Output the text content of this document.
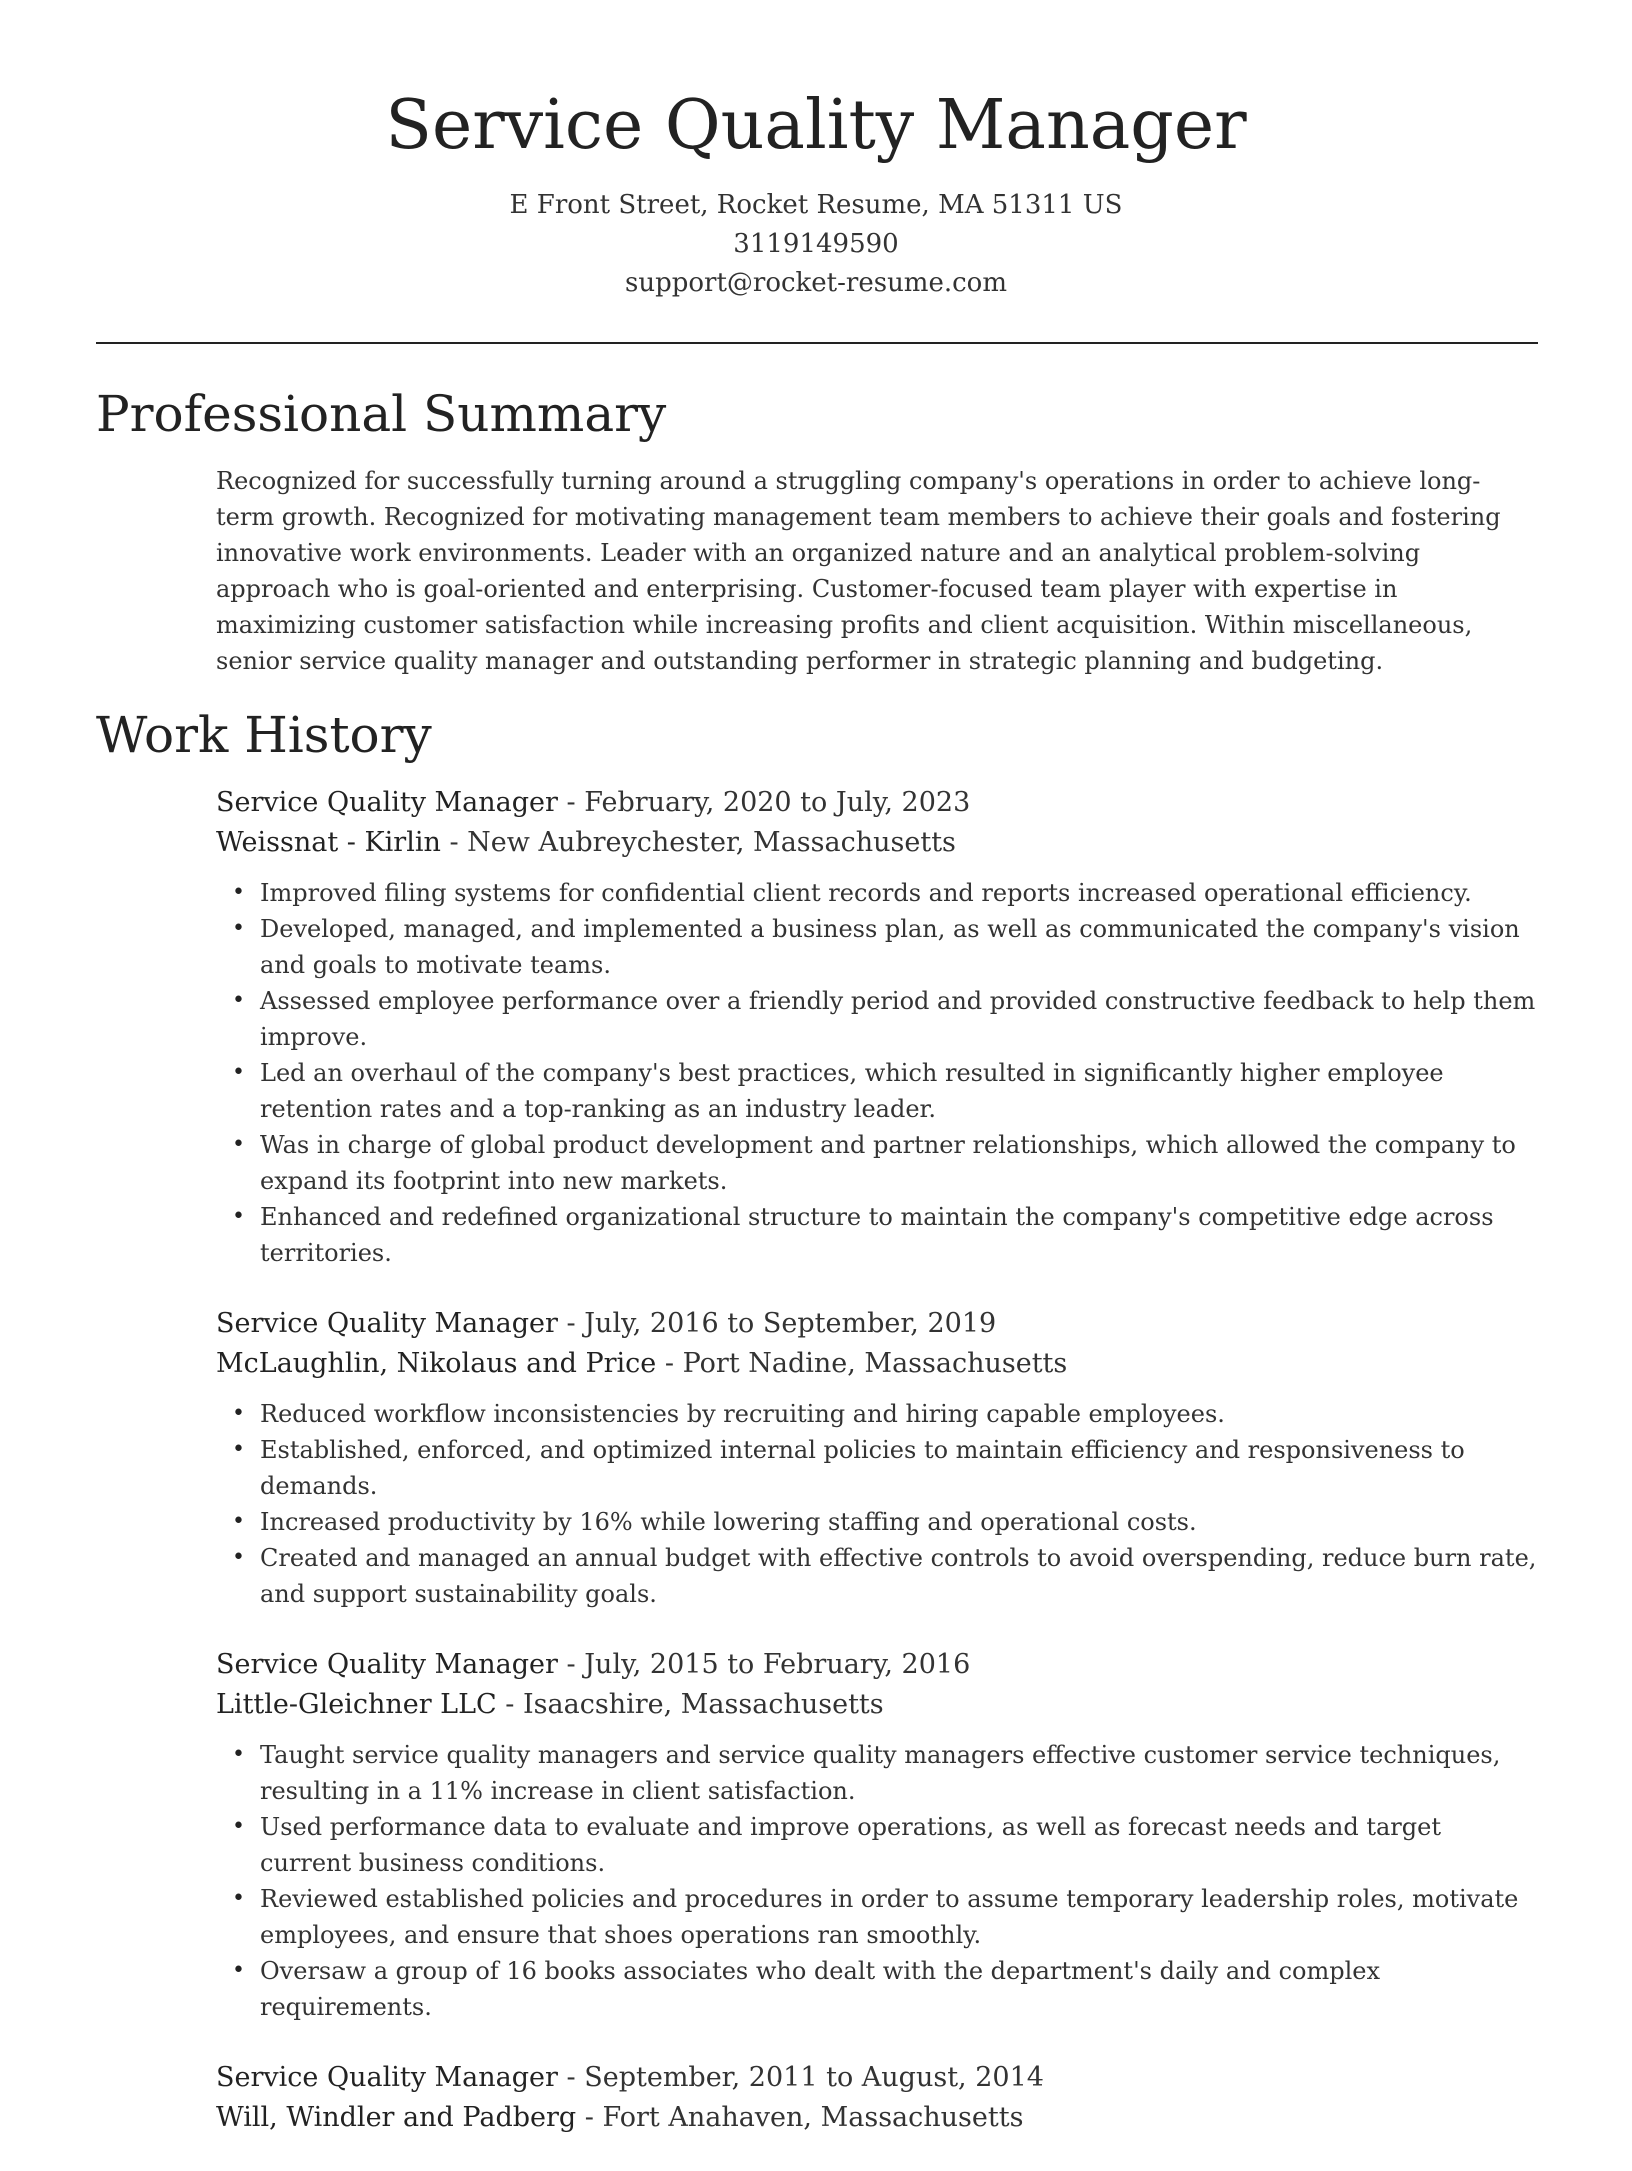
Service Quality Manager
E Front Street, Rocket Resume, MA 51311 US
3119149590
support@rocket-resume.com
Professional Summary

Recognized for successfully turning around a struggling company's operations in order to achieve long-term growth. Recognized for motivating management team members to achieve their goals and fostering innovative work environments. Leader with an organized nature and an analytical problem-solving approach who is goal-oriented and enterprising. Customer-focused team player with expertise in maximizing customer satisfaction while increasing profits and client acquisition. Within miscellaneous, senior service quality manager and outstanding performer in strategic planning and budgeting.

Work History
Service Quality Manager - February, 2020 to July, 2023
Weissnat - Kirlin - New Aubreychester, Massachusetts
• Improved filing systems for confidential client records and reports increased operational efficiency.
• Developed, managed, and implemented a business plan, as well as communicated the company's vision and goals to motivate teams.
• Assessed employee performance over a friendly period and provided constructive feedback to help them improve.
• Led an overhaul of the company's best practices, which resulted in significantly higher employee retention rates and a top-ranking as an industry leader.
• Was in charge of global product development and partner relationships, which allowed the company to expand its footprint into new markets.
• Enhanced and redefined organizational structure to maintain the company's competitive edge across territories.
Service Quality Manager - July, 2016 to September, 2019
McLaughlin, Nikolaus and Price - Port Nadine, Massachusetts
• Reduced workflow inconsistencies by recruiting and hiring capable employees.
• Established, enforced, and optimized internal policies to maintain efficiency and responsiveness to demands.
• Increased productivity by 16% while lowering staffing and operational costs.
• Created and managed an annual budget with effective controls to avoid overspending, reduce burn rate, and support sustainability goals.
Service Quality Manager - July, 2015 to February, 2016
Little-Gleichner LLC - Isaacshire, Massachusetts
• Taught service quality managers and service quality managers effective customer service techniques, resulting in a 11% increase in client satisfaction.
• Used performance data to evaluate and improve operations, as well as forecast needs and target current business conditions.
• Reviewed established policies and procedures in order to assume temporary leadership roles, motivate employees, and ensure that shoes operations ran smoothly.
• Oversaw a group of 16 books associates who dealt with the department's daily and complex requirements.
Service Quality Manager - September, 2011 to August, 2014
Will, Windler and Padberg - Fort Anahaven, Massachusetts
